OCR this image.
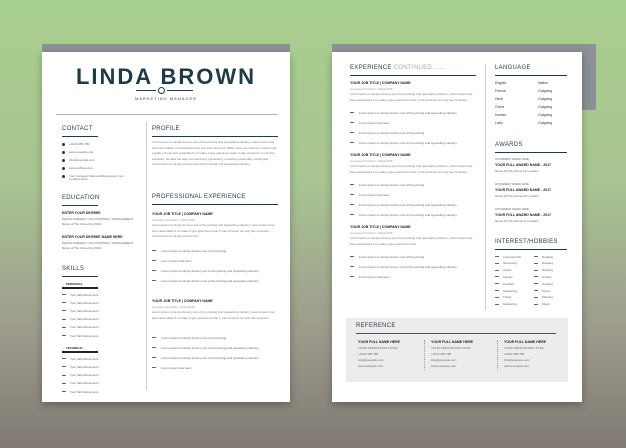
LINDA BROWN
MARKETING MANAGER
CONTACT
EDUCATION
ENTER YOUR DEGREE
MAJOR SUBJECT / ACCOUNTING / MANAGEMENT
Name of The University 2019
ENTER YOUR DEGREE NAME HERE
MAJOR SUBJECT / ACCOUNTING / MANAGEMENT
Name of The University 2019
SKILLS
PROFILE
Lorem Ipsum is simply dummy text of the printing and typesetting industry. Lorem Ipsum has been the industry's standard dummy text ever since the 1500s, when an unknown printer took a galley of type and scrambled it to make a type specimen book. It has survived not only five centuries, but also the leap into electronic typesetting, remaining essentially unchanged. Lorem Ipsum is simply dummy text of the printing and typesetting industry.
PROFESSIONAL EXPERIENCE
+0123 456 789
www.example.com
info@example.com
www.website.com
Your Company Name Address Here Your Location Here
PERSONAL
Your Skill Name Here
Your Skill Name Here
Your Skill Name Here
Your Skill Name Here
Your Skill Name Here
Your Skill Name Here
TECHNICAL
Your Skill Name Here
Your Skill Name Here
Your Skill Name Here
Your Skill Name Here
Your Skill Name Here
YOUR JOB TITLE | COMPANY NAME
Company Possition / 2013-2019
Lorem Ipsum is simply dummy text of the printing and typesetting industry. Lorem Ipsum has been assembled it to make a type specimen book. It has survived not only five centuries. Lorem Ipsum is simply dummy text.
Lorem Ipsum is simply dummy text of the printing
Lorem Ipsum has been
Lorem Ipsum is simply dummy text of the printing and typesetting industry.
Lorem Ipsum is simply dummy text of the printing and typesetting industry.
YOUR JOB TITLE | COMPANY NAME
Company Possition / 2013-2019
Lorem Ipsum is simply dummy text of the printing and typesetting industry. Lorem Ipsum has been assembled it to make a type specimen book. It has survived not only five centuries.
Lorem Ipsum is simply dummy text of the printing
Lorem Ipsum is simply dummy text of the printing and typesetting industry.
Lorem Ipsum is simply dummy text of the printing and typesetting industry.
Lorem Ipsum has been
EXPERIENCE CONTINUED.......	LANGUAGE
AWARDS
INTEREST/HOBBIES
REFERENCE
YOUR JOB TITLE | COMPANY NAME
Company Possition / 2013-2019
Lorem Ipsum is simply dummy text of the printing and typesetting industry. Lorem Ipsum has been assembled it to make a type specimen book. It has survived not only five centuries.
Lorem Ipsum is simply dummy text of the printing and typesetting industry.
Lorem Ipsum has been
Lorem Ipsum is simply dummy text of the printing
Lorem Ipsum is simply dummy text of the printing and typesetting industry.
YOUR JOB TITLE | COMPANY NAME
Company Possition / 2013-2019
Lorem Ipsum is simply dummy text of the printing and typesetting industry. Lorem Ipsum has been assembled it to make a type specimen book. It has survived not only five centuries.
Lorem Ipsum is simply dummy text of the printing
Lorem Ipsum has been
Lorem Ipsum is simply dummy text of the printing and typesetting industry.
Lorem Ipsum is simply dummy text of the printing and typesetting industry.
YOUR JOB TITLE | COMPANY NAME
Company Possition / 2013-2019
Lorem Ipsum is simply dummy text of the printing and typesetting industry. Lorem Ipsum has been assembled it to make a type specimen book.
Lorem Ipsum is simply dummy text of the printing
Lorem Ipsum is simply dummy text of the printing and typesetting industry.
Lorem Ipsum has been
English	Native
French	Outgoing
Hindi	Outgoing
China	Outgoing
Korean	Outgoing
Latin	Outgoing
ACHIVEMENT AWARD NAME
YOUR FULL AWARD NAME - 2017
Name Of The Venue Or Location
ACHIVEMENT AWARD NAME
YOUR FULL AWARD NAME - 2017
Name Of The Venue Or Location
ACHIVEMENT AWARD NAME
YOUR FULL AWARD NAME - 2017
Name Of The Venue Or Location
Tropical Craft
Swimming
Chess
Games
Football
Gardening
Travel
Gardening
Reading
Drawing
Dancing
Cricket
Cooking
Sports
Planting
Music
YOUR FULL NAME HERE
YOUR JOB POSITION TITLE
+0123 456 789
info@example.com
www.example.com
YOUR FULL NAME HERE
YOUR JOB POSITION TITLE
+0123 456 789
info@example.com
www.example.com
YOUR FULL NAME HERE
YOUR JOB POSITION TITLE
+0123 456 789
info@example.com
www.example.com
